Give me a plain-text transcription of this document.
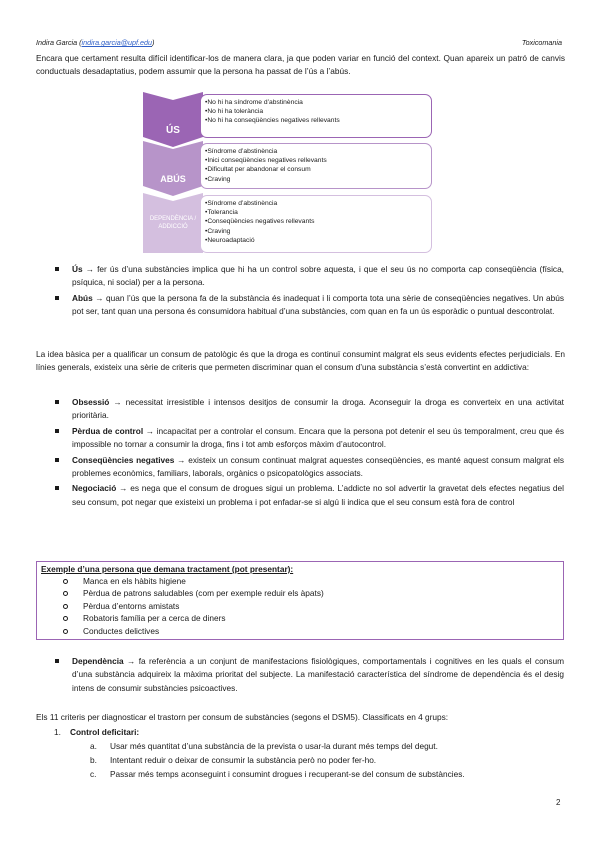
Indira Garcia (indira.garcia@upf.edu)	Toxicomania
Encara que certament resulta difícil identificar-los de manera clara, ja que poden variar en funció del context. Quan apareix un patró de canvis conductuals desadaptatius, podem assumir que la persona ha passat de l’ús a l’abús.
ÚS
•No hi ha síndrome d’abstinència
•No hi ha tolerància
•No hi ha conseqüències negatives rellevants
ABÚS
•Síndrome d’abstinència
•Inici conseqüències negatives rellevants
•Dificultat per abandonar el consum
•Craving
DEPENDÈNCIA / ADDICCIÓ
•Síndrome d’abstinència
•Tolerancia
•Conseqüències negatives rellevants
•Craving
•Neuroadaptació
Ús → fer ús d’una substàncies implica que hi ha un control sobre aquesta, i que el seu ús no comporta cap conseqüència (física, psíquica, ni social) per a la persona.
Abús → quan l’ús que la persona fa de la substància és inadequat i li comporta tota una sèrie de conseqüències negatives. Un abús pot ser, tant quan una persona és consumidora habitual d’una substàncies, com quan en fa un ús esporàdic o puntual descontrolat.
La idea bàsica per a qualificar un consum de patològic és que la droga es continuï consumint malgrat els seus evidents efectes perjudicials. En línies generals, existeix una sèrie de criteris que permeten discriminar quan el consum d’una substància s’està convertint en addictiva:
Obsessió → necessitat irresistible i intensos desitjos de consumir la droga. Aconseguir la droga es converteix en una activitat prioritària.
Pèrdua de control → incapacitat per a controlar el consum. Encara que la persona pot detenir el seu ús temporalment, creu que és impossible no tornar a consumir la droga, fins i tot amb esforços màxim d’autocontrol.
Conseqüències negatives → existeix un consum continuat malgrat aquestes conseqüències, es manté aquest consum malgrat els problemes econòmics, familiars, laborals, orgànics o psicopatològics associats.
Negociació → es nega que el consum de drogues sigui un problema. L’addicte no sol advertir la gravetat dels efectes negatius del seu consum, pot negar que existeixi un problema i pot enfadar-se si algú li indica que el seu consum està fora de control
Exemple d’una persona que demana tractament (pot presentar):
Manca en els hàbits higiene
Pèrdua de patrons saludables (com per exemple reduir els àpats)
Pèrdua d’entorns amistats
Robatoris família per a cerca de diners
Conductes delictives
Dependència → fa referència a un conjunt de manifestacions fisiològiques, comportamentals i cognitives en les quals el consum d’una substància adquireix la màxima prioritat del subjecte. La manifestació característica del síndrome de dependència és el desig intens de consumir substàncies psicoactives.
Els 11 criteris per diagnosticar el trastorn per consum de substàncies (segons el DSM5). Classificats en 4 grups:
1. Control deficitari:
a. Usar més quantitat d’una substància de la prevista o usar-la durant més temps del degut.
b. Intentant reduir o deixar de consumir la substància però no poder fer-ho.
c. Passar més temps aconseguint i consumint drogues i recuperant-se del consum de substàncies.
2
